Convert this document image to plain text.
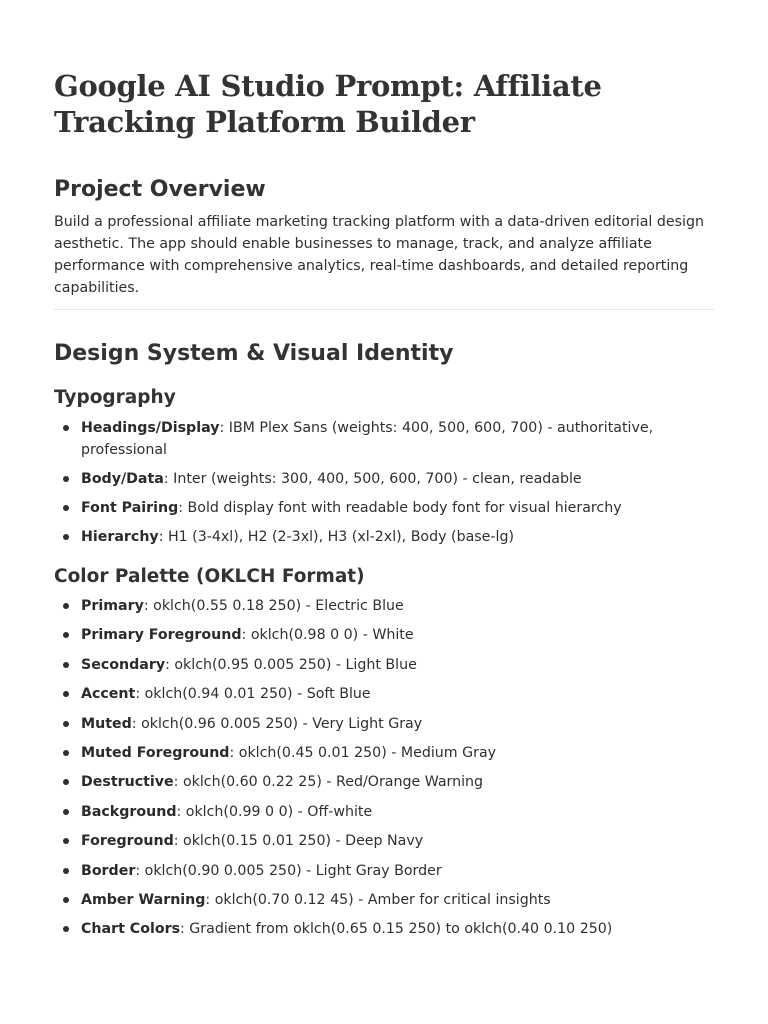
Google AI Studio Prompt: Affiliate Tracking Platform Builder
Project Overview

Build a professional affiliate marketing tracking platform with a data-driven editorial design aesthetic. The app should enable businesses to manage, track, and analyze affiliate performance with comprehensive analytics, real-time dashboards, and detailed reporting capabilities.

Design System & Visual Identity
Typography
Headings/Display: IBM Plex Sans (weights: 400, 500, 600, 700) - authoritative, professional
Body/Data: Inter (weights: 300, 400, 500, 600, 700) - clean, readable
Font Pairing: Bold display font with readable body font for visual hierarchy
Hierarchy: H1 (3-4xl), H2 (2-3xl), H3 (xl-2xl), Body (base-lg)
Color Palette (OKLCH Format)
Primary: oklch(0.55 0.18 250) - Electric Blue
Primary Foreground: oklch(0.98 0 0) - White
Secondary: oklch(0.95 0.005 250) - Light Blue
Accent: oklch(0.94 0.01 250) - Soft Blue
Muted: oklch(0.96 0.005 250) - Very Light Gray
Muted Foreground: oklch(0.45 0.01 250) - Medium Gray
Destructive: oklch(0.60 0.22 25) - Red/Orange Warning
Background: oklch(0.99 0 0) - Off-white
Foreground: oklch(0.15 0.01 250) - Deep Navy
Border: oklch(0.90 0.005 250) - Light Gray Border
Amber Warning: oklch(0.70 0.12 45) - Amber for critical insights
Chart Colors: Gradient from oklch(0.65 0.15 250) to oklch(0.40 0.10 250)
